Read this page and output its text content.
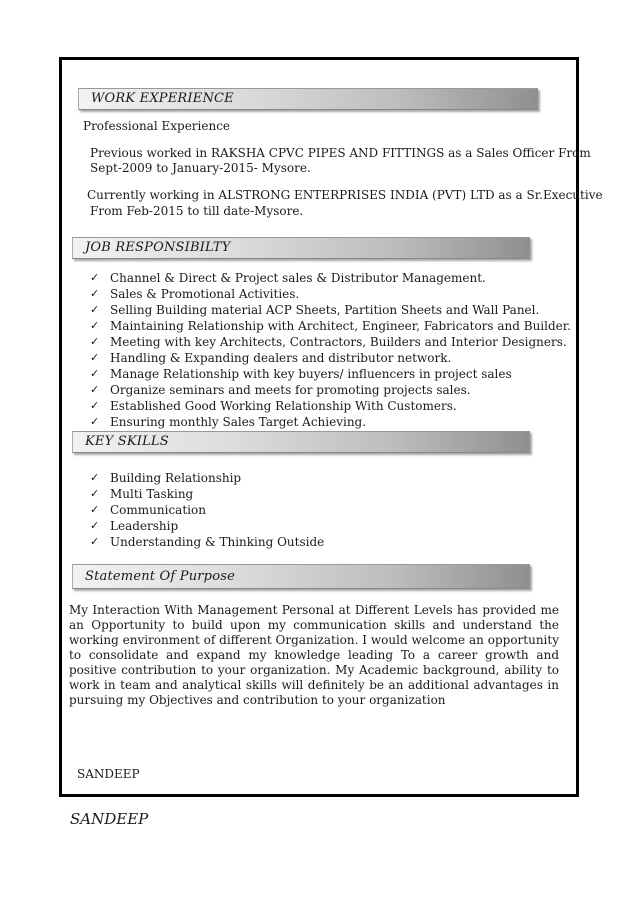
WORK EXPERIENCE
Professional Experience
Previous worked in RAKSHA CPVC PIPES AND FITTINGS as a Sales Officer From
Sept-2009 to January-2015- Mysore.
Currently working in ALSTRONG ENTERPRISES INDIA (PVT) LTD as a Sr.Executive
From Feb-2015 to till date-Mysore.
JOB RESPONSIBILTY
✓ Channel & Direct & Project sales & Distributor Management.
✓ Sales & Promotional Activities.
✓ Selling Building material ACP Sheets, Partition Sheets and Wall Panel.
✓ Maintaining Relationship with Architect, Engineer, Fabricators and Builder.
✓ Meeting with key Architects, Contractors, Builders and Interior Designers.
✓ Handling & Expanding dealers and distributor network.
✓ Manage Relationship with key buyers/ influencers in project sales
✓ Organize seminars and meets for promoting projects sales.
✓ Established Good Working Relationship With Customers.
✓ Ensuring monthly Sales Target Achieving.
KEY SKILLS
✓ Building Relationship
✓ Multi Tasking
✓ Communication
✓ Leadership
✓ Understanding & Thinking Outside
Statement Of Purpose
My Interaction With Management Personal at Different Levels has provided me an Opportunity to build upon my communication skills and understand the working environment of different Organization. I would welcome an opportunity to consolidate and expand my knowledge leading To a career growth and positive contribution to your organization. My Academic background, ability to work in team and analytical skills will definitely be an additional advantages in pursuing my Objectives and contribution to your organization
SANDEEP
SANDEEP
